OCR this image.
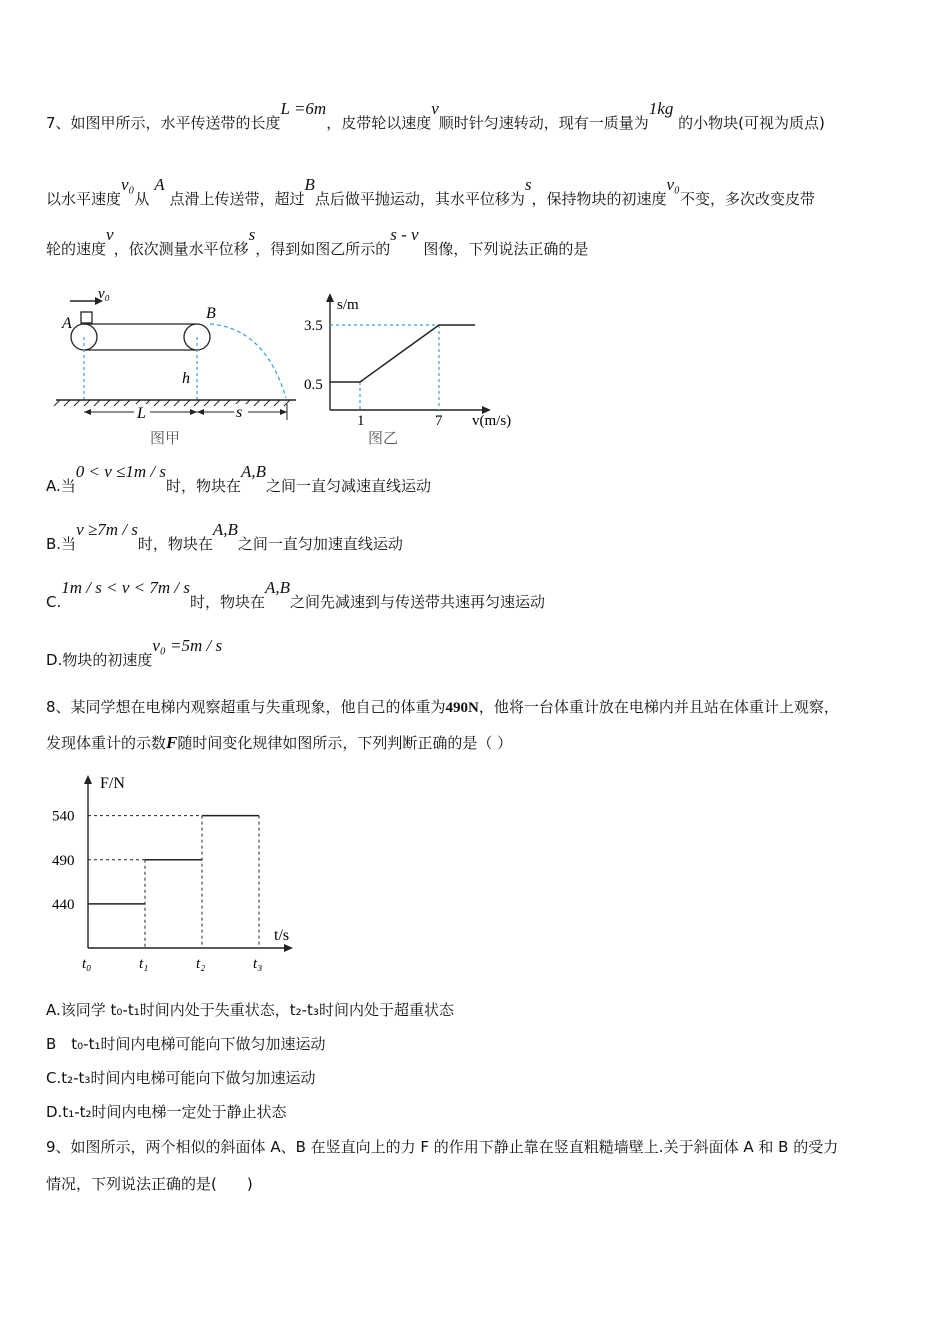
7、如图甲所示，水平传送带的长度L =6m，皮带轮以速度v顺时针匀速转动，现有一质量为1kg 的小物块(可视为质点)
以水平速度v₀从 A 点滑上传送带，超过B点后做平抛运动，其水平位移为s，保持物块的初速度v₀不变，多次改变皮带
轮的速度v，依次测量水平位移s，得到如图乙所示的s - v 图像，下列说法正确的是
v₀
A
B
h
L	s
图甲
s/m
3.5
0.5
1	7 v(m/s)
图乙
A.当0 < v ≤1m / s时，物块在A,B之间一直匀减速直线运动
B.当v ≥7m / s时，物块在A,B之间一直匀加速直线运动
C.1m / s < v < 7m / s时，物块在A,B之间先减速到与传送带共速再匀速运动
D.物块的初速度v₀ =5m / s
8、某同学想在电梯内观察超重与失重现象，他自己的体重为490N，他将一台体重计放在电梯内并且站在体重计上观察，
发现体重计的示数F随时间变化规律如图所示，下列判断正确的是（ ）
F/N
t/s
t₀	t₁	t₂	t₃
540
490
440
A.该同学 t₀-t₁时间内处于失重状态，t₂-t₃时间内处于超重状态
B　t₀-t₁时间内电梯可能向下做匀加速运动
C.t₂-t₃时间内电梯可能向下做匀加速运动
D.t₁-t₂时间内电梯一定处于静止状态
9、如图所示，两个相似的斜面体 A、B 在竖直向上的力 F 的作用下静止靠在竖直粗糙墙壁上.关于斜面体 A 和 B 的受力
情况，下列说法正确的是(　　)
